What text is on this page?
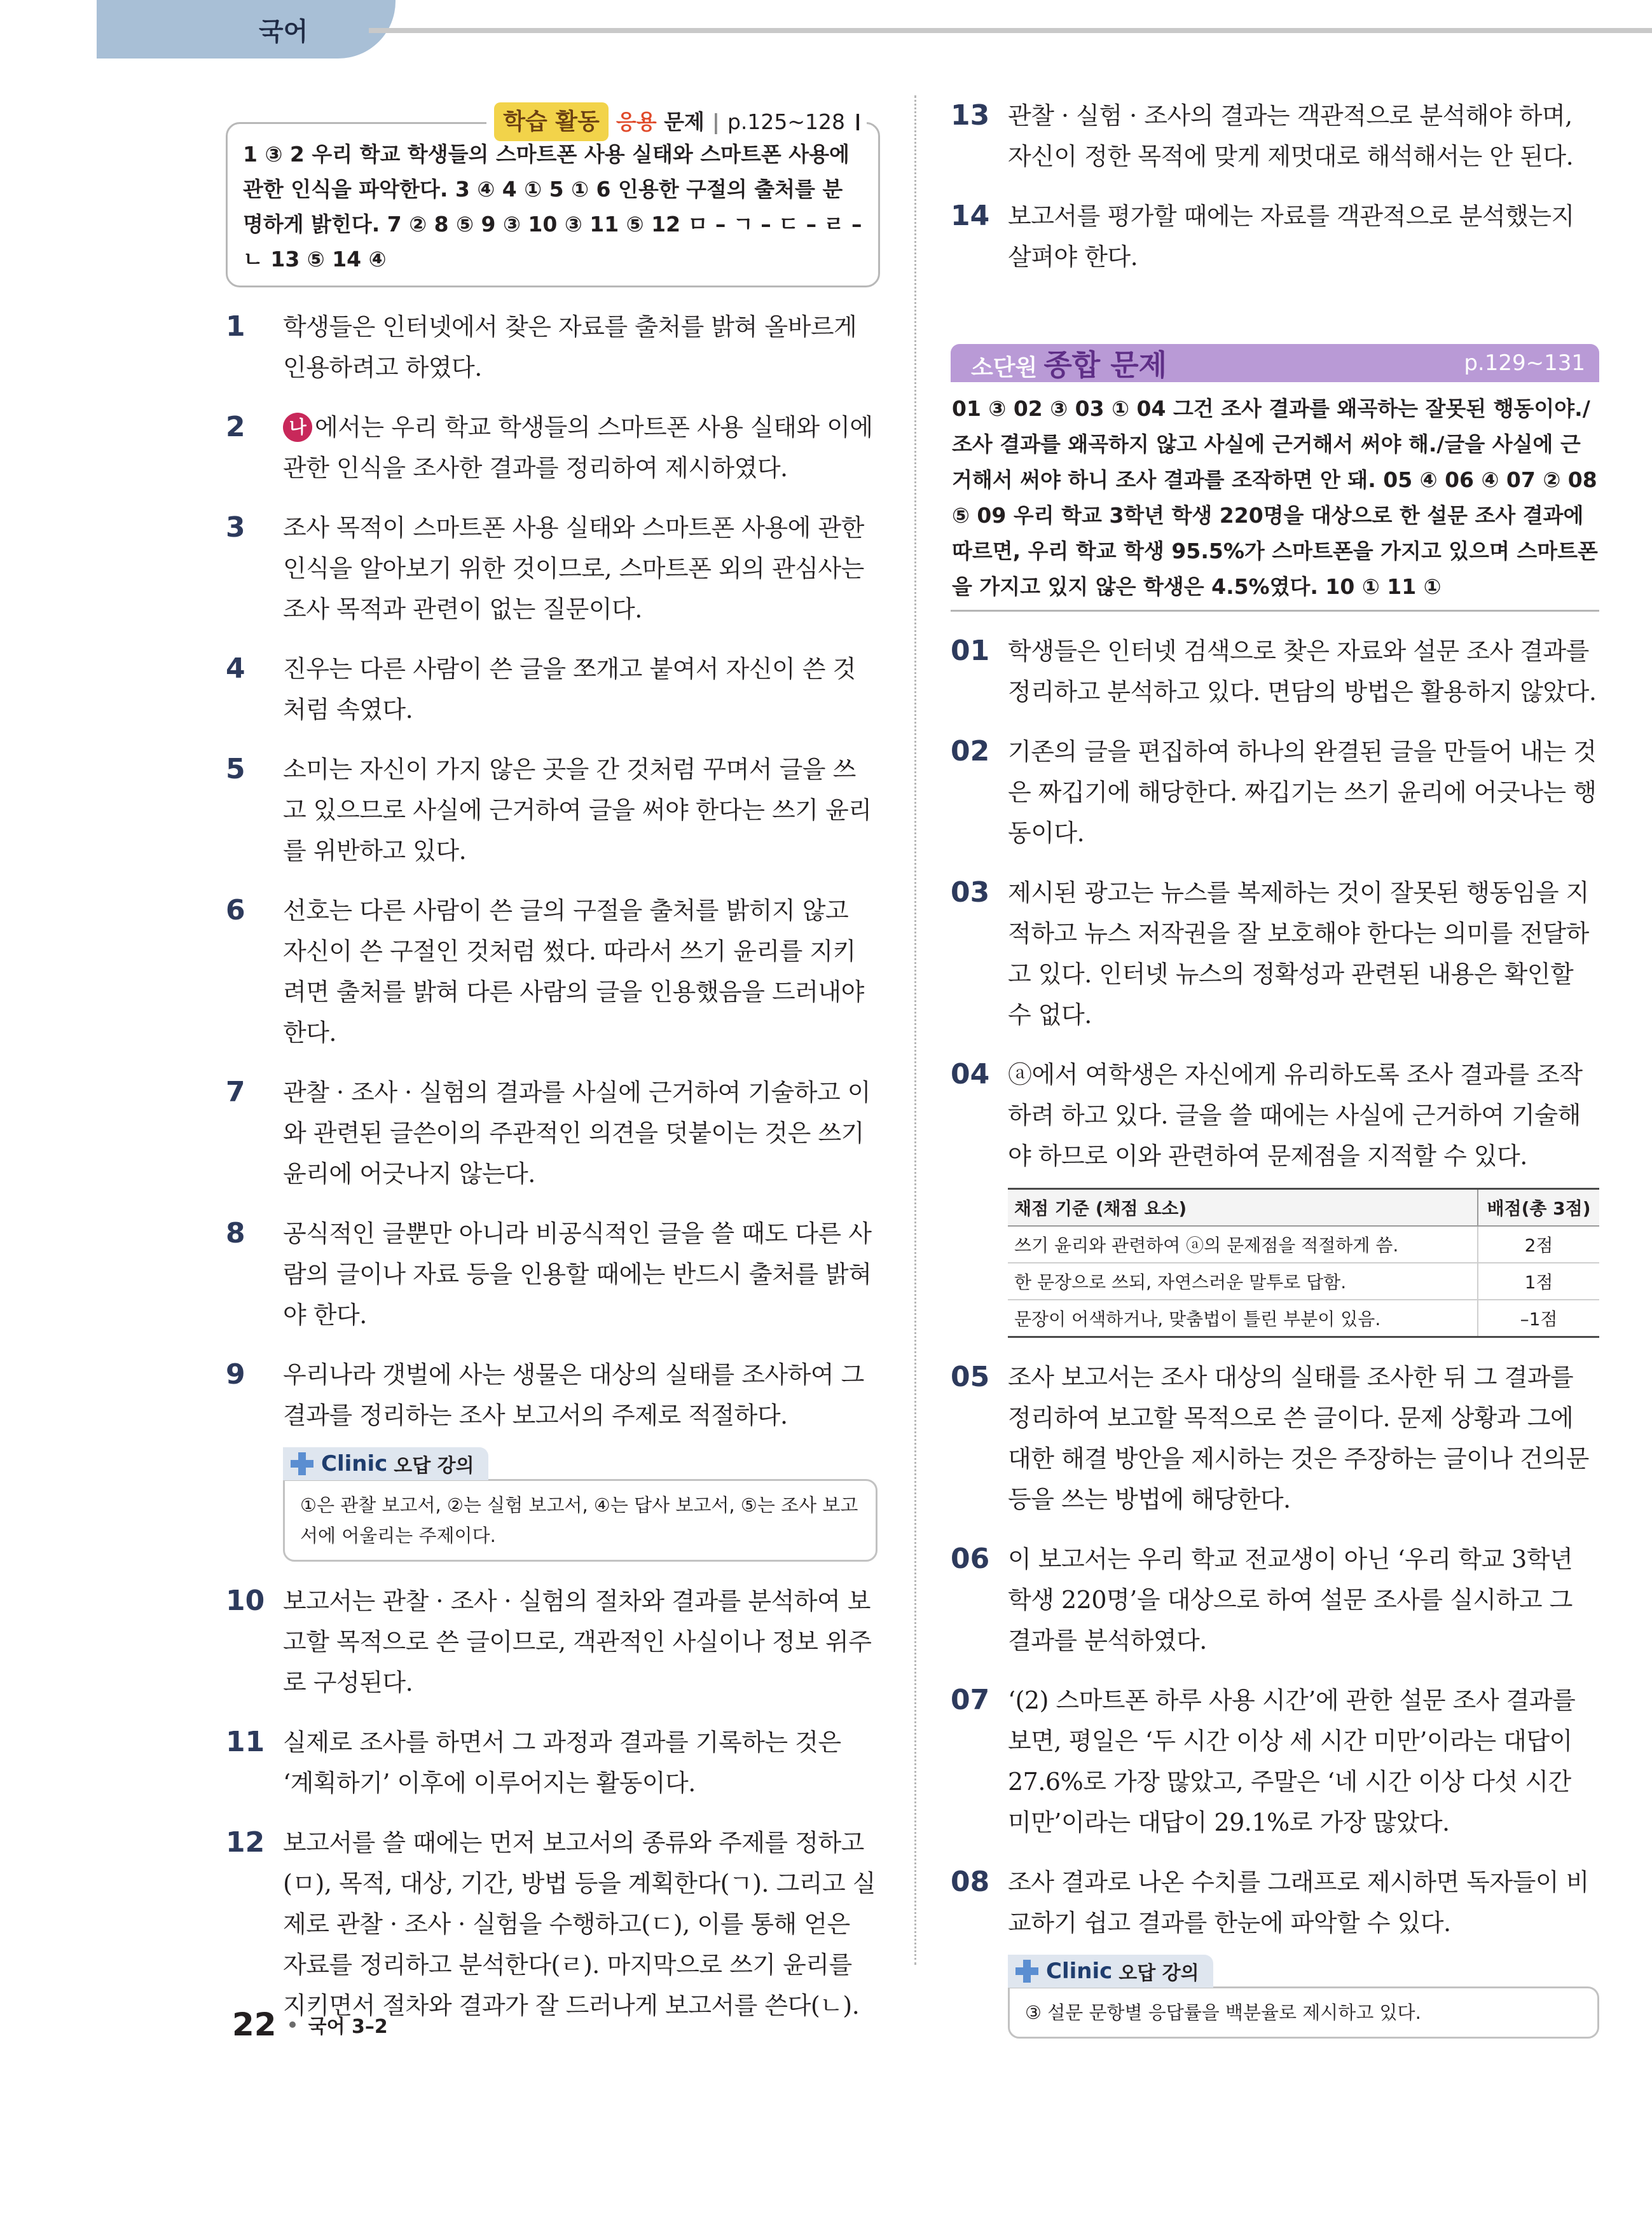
국어
학습 활동 응용 문제 | p.125~128
1 ③ 2 우리 학교 학생들의 스마트폰 사용 실태와 스마트폰 사용에 관한 인식을 파악한다. 3 ④ 4 ① 5 ① 6 인용한 구절의 출처를 분명하게 밝힌다. 7 ② 8 ⑤ 9 ③ 10 ③ 11 ⑤ 12 ㅁ – ㄱ – ㄷ – ㄹ – ㄴ 13 ⑤ 14 ④
1	학생들은 인터넷에서 찾은 자료를 출처를 밝혀 올바르게 인용하려고 하였다.
2	나 에서는 우리 학교 학생들의 스마트폰 사용 실태와 이에 관한 인식을 조사한 결과를 정리하여 제시하였다.
3	조사 목적이 스마트폰 사용 실태와 스마트폰 사용에 관한 인식을 알아보기 위한 것이므로, 스마트폰 외의 관심사는 조사 목적과 관련이 없는 질문이다.
4	진우는 다른 사람이 쓴 글을 쪼개고 붙여서 자신이 쓴 것처럼 속였다.
5	소미는 자신이 가지 않은 곳을 간 것처럼 꾸며서 글을 쓰고 있으므로 사실에 근거하여 글을 써야 한다는 쓰기 윤리를 위반하고 있다.
6	선호는 다른 사람이 쓴 글의 구절을 출처를 밝히지 않고 자신이 쓴 구절인 것처럼 썼다. 따라서 쓰기 윤리를 지키려면 출처를 밝혀 다른 사람의 글을 인용했음을 드러내야 한다.
7	관찰 · 조사 · 실험의 결과를 사실에 근거하여 기술하고 이와 관련된 글쓴이의 주관적인 의견을 덧붙이는 것은 쓰기 윤리에 어긋나지 않는다.
8	공식적인 글뿐만 아니라 비공식적인 글을 쓸 때도 다른 사람의 글이나 자료 등을 인용할 때에는 반드시 출처를 밝혀야 한다.
9	우리나라 갯벌에 사는 생물은 대상의 실태를 조사하여 그 결과를 정리하는 조사 보고서의 주제로 적절하다.
Clinic 오답 강의
①은 관찰 보고서, ②는 실험 보고서, ④는 답사 보고서, ⑤는 조사 보고서에 어울리는 주제이다.
10 보고서는 관찰 · 조사 · 실험의 절차와 결과를 분석하여 보고할 목적으로 쓴 글이므로, 객관적인 사실이나 정보 위주로 구성된다.
11 실제로 조사를 하면서 그 과정과 결과를 기록하는 것은 ‘계획하기’ 이후에 이루어지는 활동이다.
12 보고서를 쓸 때에는 먼저 보고서의 종류와 주제를 정하고(ㅁ), 목적, 대상, 기간, 방법 등을 계획한다(ㄱ). 그리고 실제로 관찰 · 조사 · 실험을 수행하고(ㄷ), 이를 통해 얻은 자료를 정리하고 분석한다(ㄹ). 마지막으로 쓰기 윤리를 지키면서 절차와 결과가 잘 드러나게 보고서를 쓴다(ㄴ).
13 관찰 · 실험 · 조사의 결과는 객관적으로 분석해야 하며, 자신이 정한 목적에 맞게 제멋대로 해석해서는 안 된다.
14 보고서를 평가할 때에는 자료를 객관적으로 분석했는지 살펴야 한다.
소단원 종합 문제	p.129~131
01 ③ 02 ③ 03 ① 04 그건 조사 결과를 왜곡하는 잘못된 행동이야./조사 결과를 왜곡하지 않고 사실에 근거해서 써야 해./글을 사실에 근거해서 써야 하니 조사 결과를 조작하면 안 돼. 05 ④ 06 ④ 07 ② 08 ⑤ 09 우리 학교 3학년 학생 220명을 대상으로 한 설문 조사 결과에 따르면, 우리 학교 학생 95.5%가 스마트폰을 가지고 있으며 스마트폰을 가지고 있지 않은 학생은 4.5%였다. 10 ① 11 ①
01 학생들은 인터넷 검색으로 찾은 자료와 설문 조사 결과를 정리하고 분석하고 있다. 면담의 방법은 활용하지 않았다.
02 기존의 글을 편집하여 하나의 완결된 글을 만들어 내는 것은 짜깁기에 해당한다. 짜깁기는 쓰기 윤리에 어긋나는 행동이다.
03 제시된 광고는 뉴스를 복제하는 것이 잘못된 행동임을 지적하고 뉴스 저작권을 잘 보호해야 한다는 의미를 전달하고 있다. 인터넷 뉴스의 정확성과 관련된 내용은 확인할 수 없다.
04 ⓐ에서 여학생은 자신에게 유리하도록 조사 결과를 조작하려 하고 있다. 글을 쓸 때에는 사실에 근거하여 기술해야 하므로 이와 관련하여 문제점을 지적할 수 있다.
채점 기준 (채점 요소)	배점(총 3점)
쓰기 윤리와 관련하여 ⓐ의 문제점을 적절하게 씀.	2점
한 문장으로 쓰되, 자연스러운 말투로 답함.	1점
문장이 어색하거나, 맞춤법이 틀린 부분이 있음.	–1점
05 조사 보고서는 조사 대상의 실태를 조사한 뒤 그 결과를 정리하여 보고할 목적으로 쓴 글이다. 문제 상황과 그에 대한 해결 방안을 제시하는 것은 주장하는 글이나 건의문 등을 쓰는 방법에 해당한다.
06 이 보고서는 우리 학교 전교생이 아닌 ‘우리 학교 3학년 학생 220명’을 대상으로 하여 설문 조사를 실시하고 그 결과를 분석하였다.
07 ‘(2) 스마트폰 하루 사용 시간’에 관한 설문 조사 결과를 보면, 평일은 ‘두 시간 이상 세 시간 미만’이라는 대답이 27.6%로 가장 많았고, 주말은 ‘네 시간 이상 다섯 시간 미만’이라는 대답이 29.1%로 가장 많았다.
08 조사 결과로 나온 수치를 그래프로 제시하면 독자들이 비교하기 쉽고 결과를 한눈에 파악할 수 있다.
Clinic 오답 강의
③ 설문 문항별 응답률을 백분율로 제시하고 있다.
22 국어 3–2
